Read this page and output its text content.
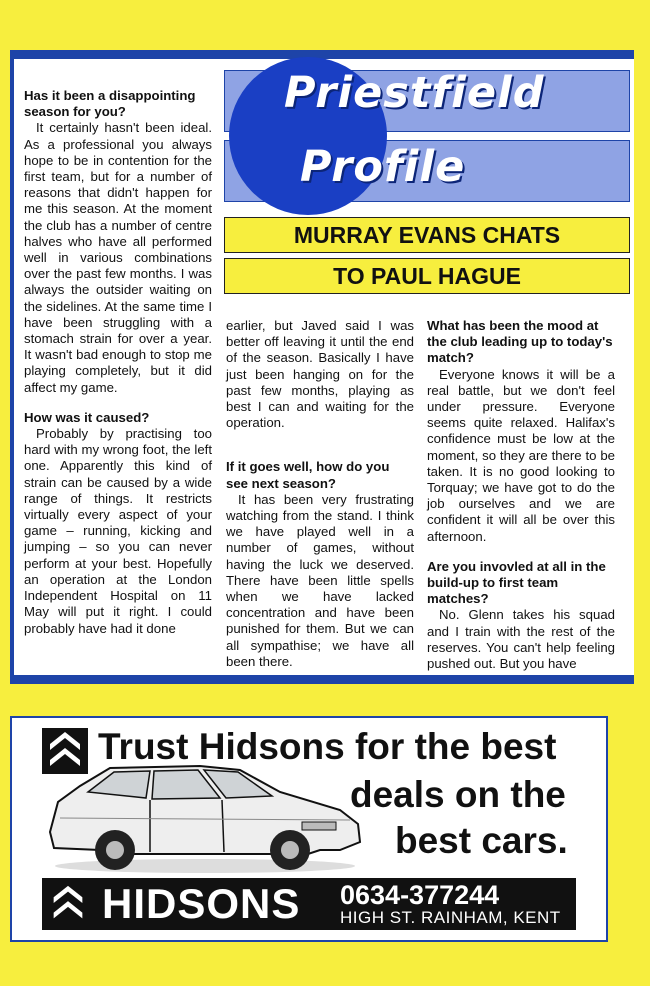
Priestfield
Profile
MURRAY EVANS CHATS
TO PAUL HAGUE
Has it been a disappointing season for you?

It certainly hasn't been ideal. As a professional you always hope to be in contention for the first team, but for a number of reasons that didn't happen for me this season. At the moment the club has a number of centre halves who have all performed well in various combinations over the past few months. I was always the outsider waiting on the sidelines. At the same time I have been struggling with a stomach strain for over a year. It wasn't bad enough to stop me playing completely, but it did affect my game.

How was it caused?

Probably by practising too hard with my wrong foot, the left one. Apparently this kind of strain can be caused by a wide range of things. It restricts virtually every aspect of your game – running, kicking and jumping – so you can never perform at your best. Hopefully an operation at the London Independent Hospital on 11 May will put it right. I could probably have had it done

earlier, but Javed said I was better off leaving it until the end of the season. Basically I have just been hanging on for the past few months, playing as best I can and waiting for the operation.

If it goes well, how do you see next season?

It has been very frustrating watching from the stand. I think we have played well in a number of games, without having the luck we deserved. There have been little spells when we have lacked concentration and have been punished for them. But we can all sympathise; we have all been there.

What has been the mood at the club leading up to today's match?

Everyone knows it will be a real battle, but we don't feel under pressure. Everyone seems quite relaxed. Halifax's confidence must be low at the moment, so they are there to be taken. It is no good looking to Torquay; we have got to do the job ourselves and we are confident it will all be over this afternoon.

Are you invovled at all in the build-up to first team matches?

No. Glenn takes his squad and I train with the rest of the reserves. You can't help feeling pushed out. But you have

Trust Hidsons for the best
deals on the
best cars.
HIDSONS 0634-377244
HIGH ST. RAINHAM, KENT
